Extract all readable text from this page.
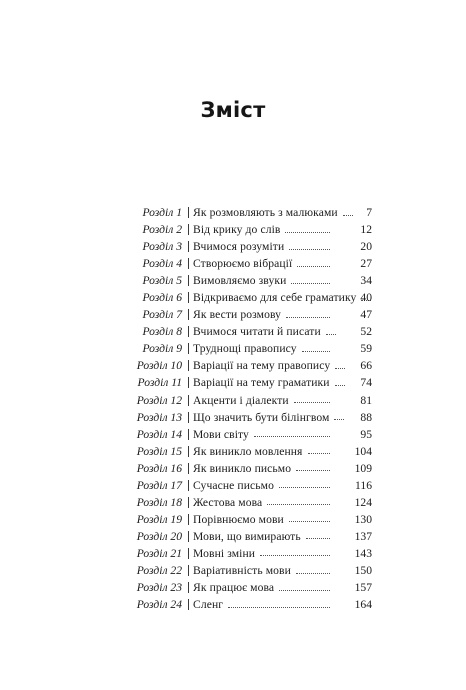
Зміст
Розділ 1 Як розмовляють з малюками 7
Розділ 2 Від крику до слів	12
Розділ 3 Вчимося розуміти	20
Розділ 4 Створюємо вібрації	27
Розділ 5 Вимовляємо звуки	34
Розділ 6 Відкриваємо для себе граматику 40
Розділ 7 Як вести розмову	47
Розділ 8 Вчимося читати й писати	52
Розділ 9 Труднощі правопису	59
Розділ 10 Варіації на тему правопису	66
Розділ 11 Варіації на тему граматики	74
Розділ 12 Акценти і діалекти	81
Розділ 13 Що значить бути білінгвом	88
Розділ 14 Мови світу	95
Розділ 15 Як виникло мовлення	104
Розділ 16 Як виникло письмо	109
Розділ 17 Сучасне письмо	116
Розділ 18 Жестова мова	124
Розділ 19 Порівнюємо мови	130
Розділ 20 Мови, що вимирають	137
Розділ 21 Мовні зміни	143
Розділ 22 Варіативність мови	150
Розділ 23 Як працює мова	157
Розділ 24 Сленг	164
